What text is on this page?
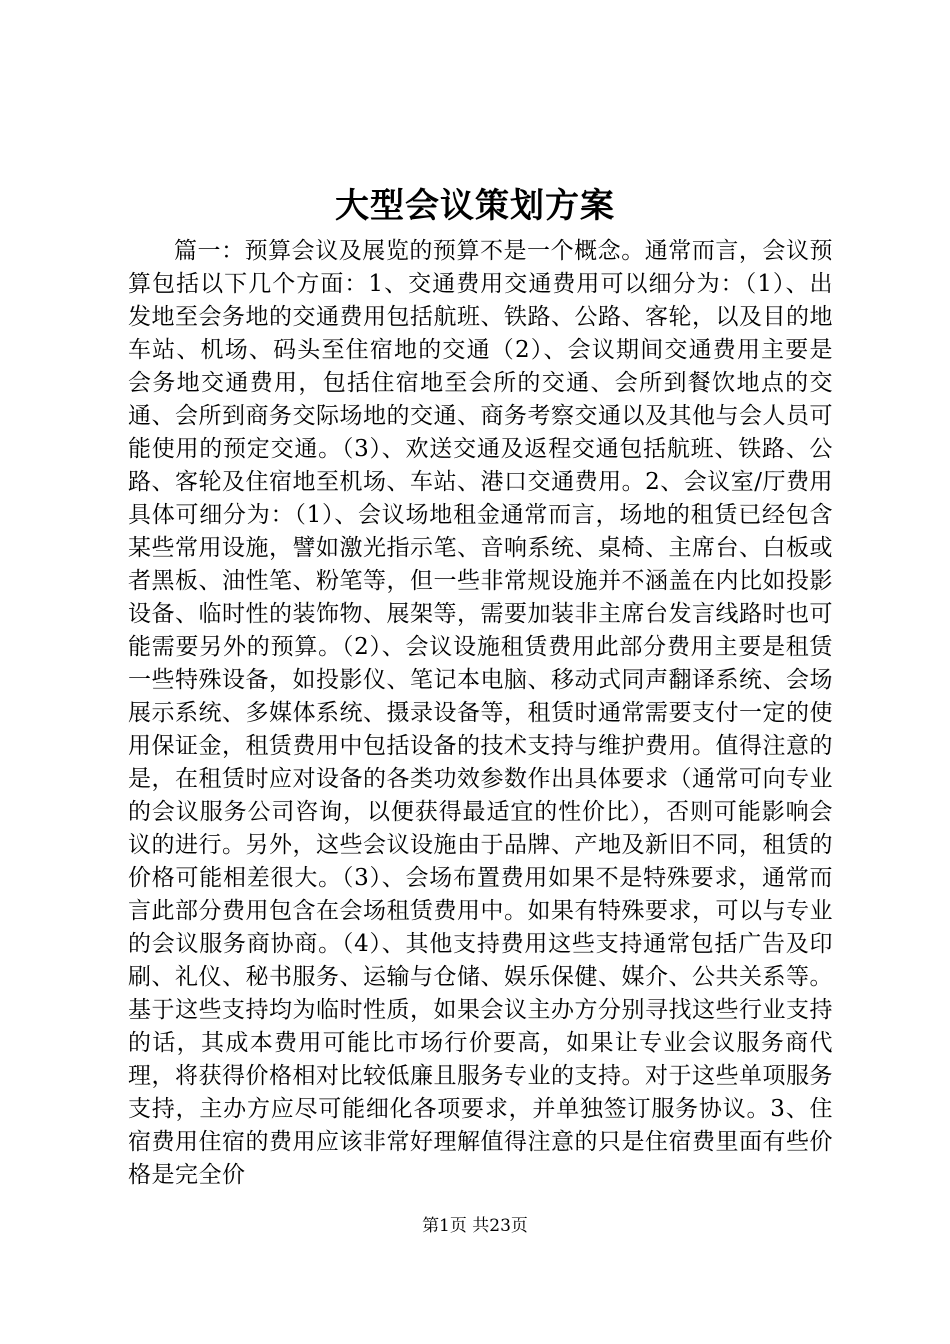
大型会议策划方案

篇一：预算会议及展览的预算不是一个概念。通常而言，会议预算包括以下几个方面：1、交通费用交通费用可以细分为：（1）、出发地至会务地的交通费用包括航班、铁路、公路、客轮，以及目的地车站、机场、码头至住宿地的交通（2）、会议期间交通费用主要是会务地交通费用，包括住宿地至会所的交通、会所到餐饮地点的交通、会所到商务交际场地的交通、商务考察交通以及其他与会人员可能使用的预定交通。（3）、欢送交通及返程交通包括航班、铁路、公路、客轮及住宿地至机场、车站、港口交通费用。2、会议室/厅费用具体可细分为：（1）、会议场地租金通常而言，场地的租赁已经包含某些常用设施，譬如激光指示笔、音响系统、桌椅、主席台、白板或者黑板、油性笔、粉笔等，但一些非常规设施并不涵盖在内比如投影设备、临时性的装饰物、展架等，需要加装非主席台发言线路时也可能需要另外的预算。（2）、会议设施租赁费用此部分费用主要是租赁一些特殊设备，如投影仪、笔记本电脑、移动式同声翻译系统、会场展示系统、多媒体系统、摄录设备等，租赁时通常需要支付一定的使用保证金，租赁费用中包括设备的技术支持与维护费用。值得注意的是，在租赁时应对设备的各类功效参数作出具体要求（通常可向专业的会议服务公司咨询，以便获得最适宜的性价比），否则可能影响会议的进行。另外，这些会议设施由于品牌、产地及新旧不同，租赁的价格可能相差很大。（3）、会场布置费用如果不是特殊要求，通常而言此部分费用包含在会场租赁费用中。如果有特殊要求，可以与专业的会议服务商协商。（4）、其他支持费用这些支持通常包括广告及印刷、礼仪、秘书服务、运输与仓储、娱乐保健、媒介、公共关系等。基于这些支持均为临时性质，如果会议主办方分别寻找这些行业支持的话，其成本费用可能比市场行价要高，如果让专业会议服务商代理，将获得价格相对比较低廉且服务专业的支持。对于这些单项服务支持，主办方应尽可能细化各项要求，并单独签订服务协议。3、住宿费用住宿的费用应该非常好理解值得注意的只是住宿费里面有些价格是完全价

第1页 共23页
